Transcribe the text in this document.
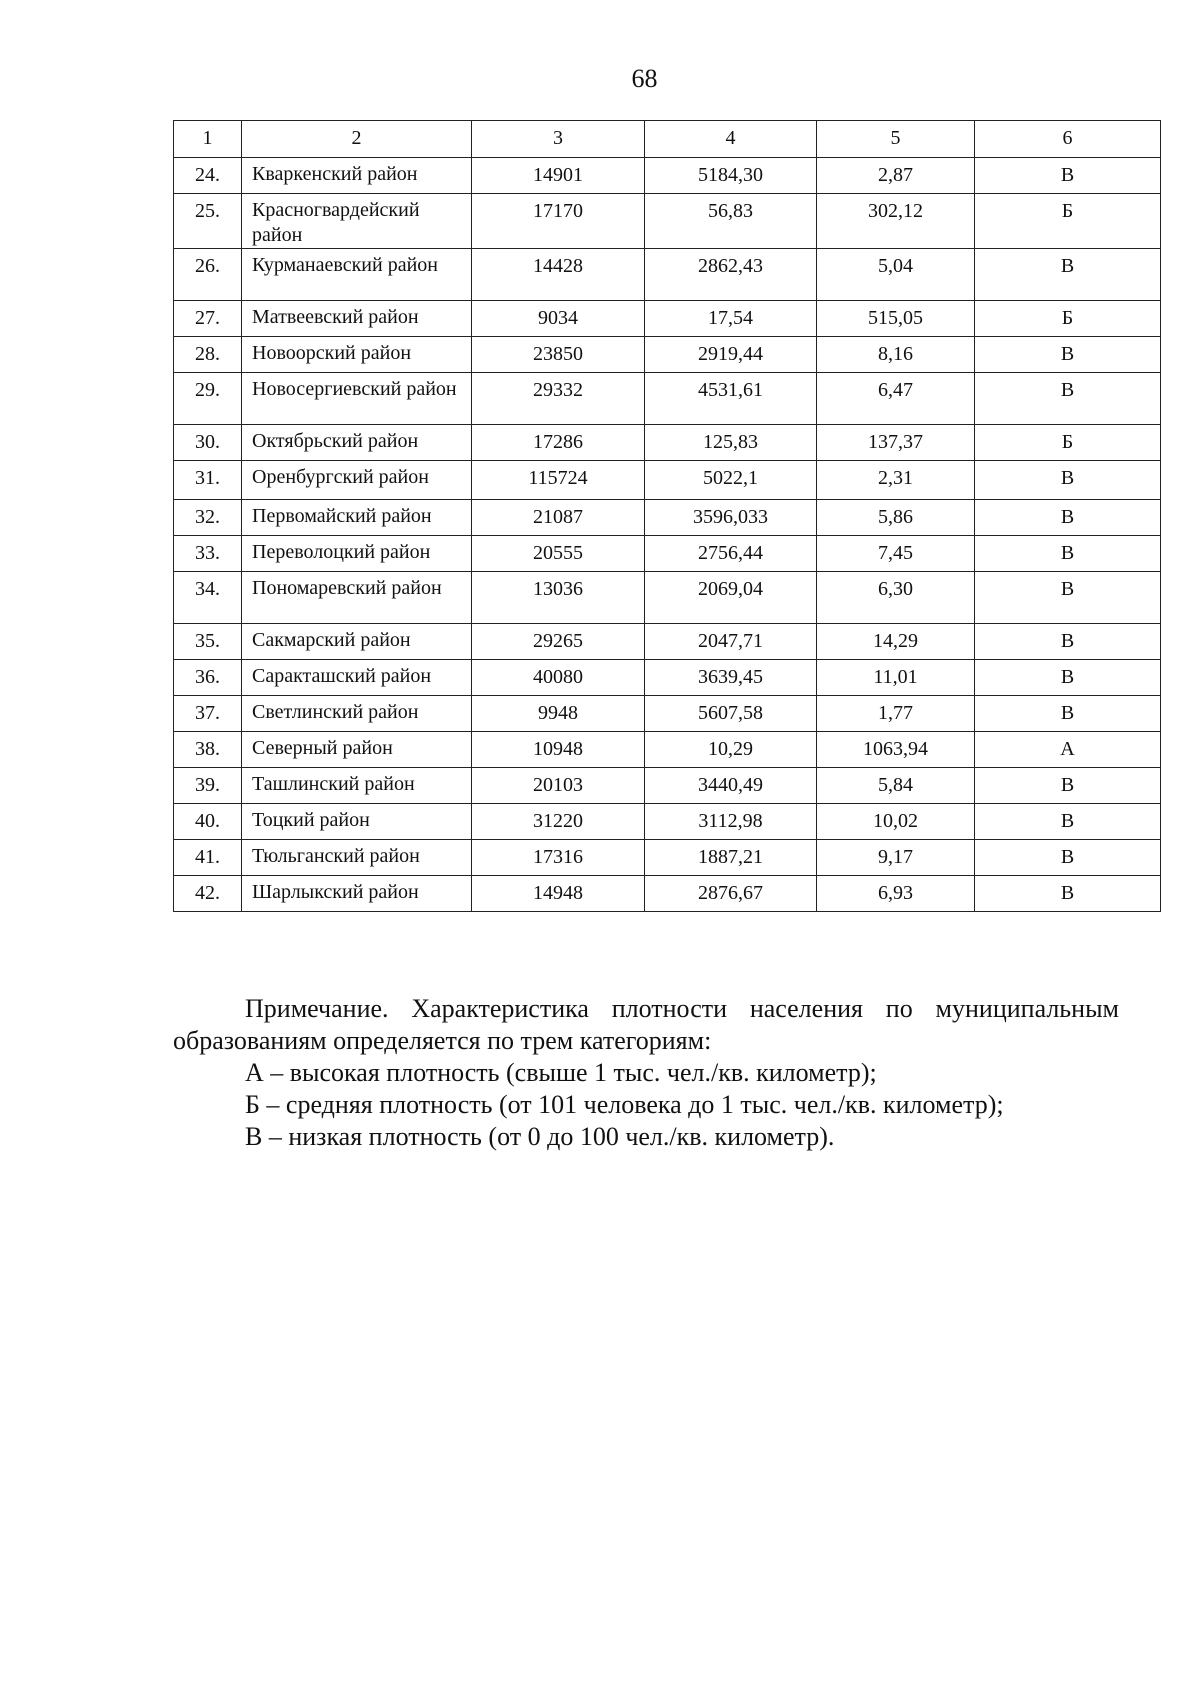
68
1	2	3	4	5	6
24.	Кваркенский район	14901	5184,30	2,87	В
25.	Красногвардейский район	17170	56,83	302,12	Б
26.	Курманаевский район	14428	2862,43	5,04	В
27.	Матвеевский район	9034	17,54	515,05	Б
28.	Новоорский район	23850	2919,44	8,16	В
29.	Новосергиевский район	29332	4531,61	6,47	В
30.	Октябрьский район	17286	125,83	137,37	Б
31.	Оренбургский район	115724	5022,1	2,31	В
32.	Первомайский район	21087	3596,033	5,86	В
33.	Переволоцкий район	20555	2756,44	7,45	В
34.	Пономаревский район	13036	2069,04	6,30	В
35.	Сакмарский район	29265	2047,71	14,29	В
36.	Саракташский район	40080	3639,45	11,01	В
37.	Светлинский район	9948	5607,58	1,77	В
38.	Северный район	10948	10,29	1063,94	А
39.	Ташлинский район	20103	3440,49	5,84	В
40.	Тоцкий район	31220	3112,98	10,02	В
41.	Тюльганский район	17316	1887,21	9,17	В
42.	Шарлыкский район	14948	2876,67	6,93	В

Примечание. Характеристика плотности населения по муниципальным образованиям определяется по трем категориям:

А – высокая плотность (свыше 1 тыс. чел./кв. километр);

Б – средняя плотность (от 101 человека до 1 тыс. чел./кв. километр);

В – низкая плотность (от 0 до 100 чел./кв. километр).
